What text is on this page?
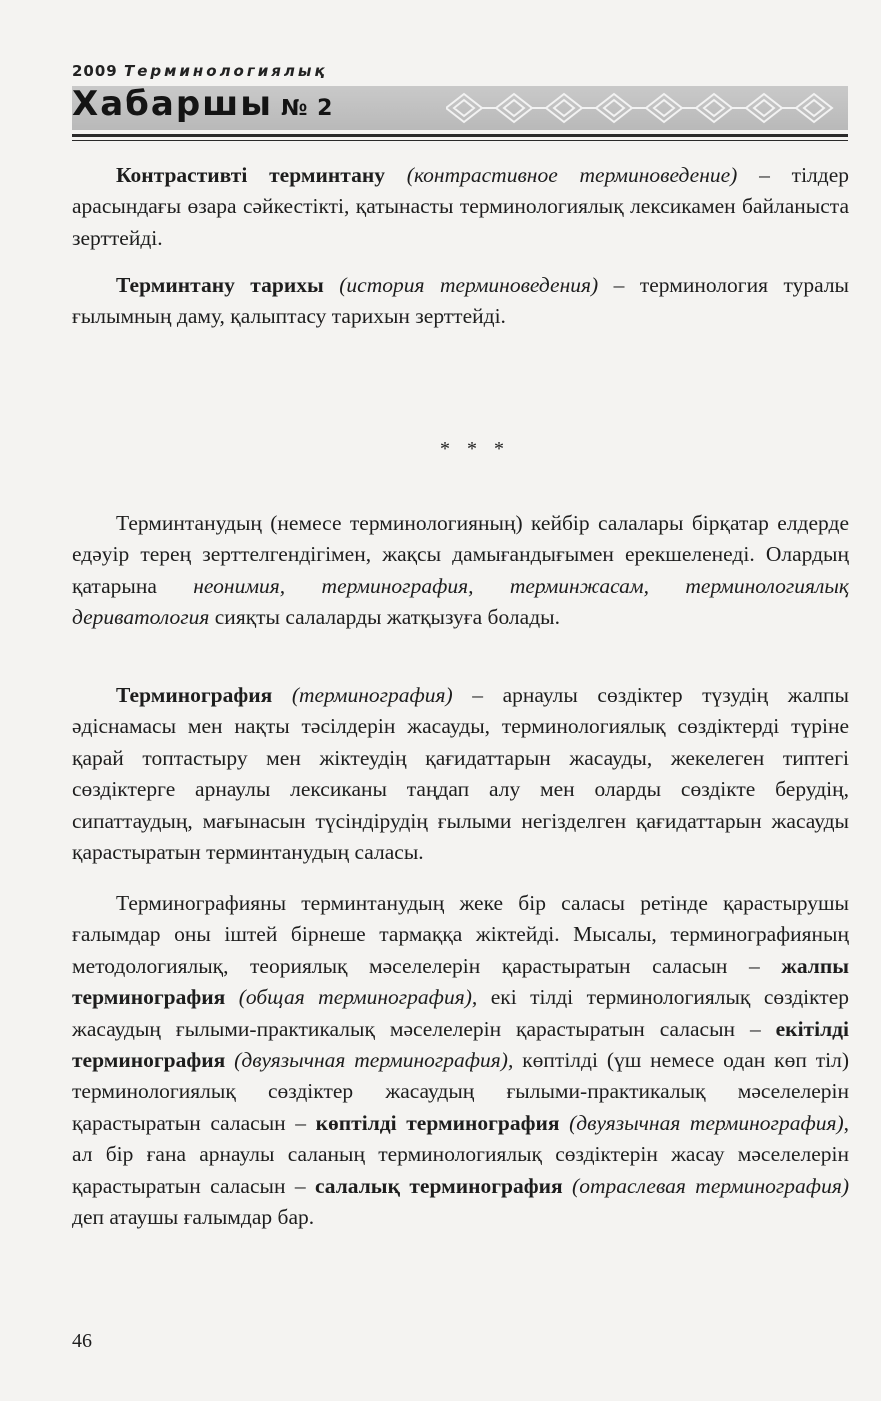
2009 Терминологиялық
Хабаршы № 2

Контрастивті терминтану (контрастивное терминоведение) – тілдер арасындағы өзара сәйкестікті, қатынасты терминологиялық лексикамен байланыста зерттейді.

Терминтану тарихы (история терминоведения) – терминология туралы ғылымның даму, қалыптасу тарихын зерттейді.

* * *

Терминтанудың (немесе терминологияның) кейбір салалары бірқатар елдерде едәуір терең зерттелгендігімен, жақсы дамығандығымен ерекшеленеді. Олардың қатарына неонимия, терминография, терминжасам, терминологиялық дериватология сияқты салаларды жатқызуға болады.

Терминография (терминография) – арнаулы сөздіктер түзудің жалпы әдіснамасы мен нақты тәсілдерін жасауды, терминологиялық сөздіктерді түріне қарай топтастыру мен жіктеудің қағидаттарын жасауды, жекелеген типтегі сөздіктерге арнаулы лексиканы таңдап алу мен оларды сөздікте берудің, сипаттаудың, мағынасын түсіндірудің ғылыми негізделген қағидаттарын жасауды қарастыратын терминтанудың саласы.

Терминографияны терминтанудың жеке бір саласы ретінде қарастырушы ғалымдар оны іштей бірнеше тармаққа жіктейді. Мысалы, терминографияның методологиялық, теориялық мәселелерін қарастыратын саласын – жалпы терминография (общая терминография), екі тілді терминологиялық сөздіктер жасаудың ғылыми-практикалық мәселелерін қарастыратын саласын – екітілді терминография (двуязычная терминография), көптілді (үш немесе одан көп тіл) терминологиялық сөздіктер жасаудың ғылыми-практикалық мәселелерін қарастыратын саласын – көптілді терминография (двуязычная терминография), ал бір ғана арнаулы саланың терминологиялық сөздіктерін жасау мәселелерін қарастыратын саласын – салалық терминография (отраслевая терминография) деп атаушы ғалымдар бар.

46
